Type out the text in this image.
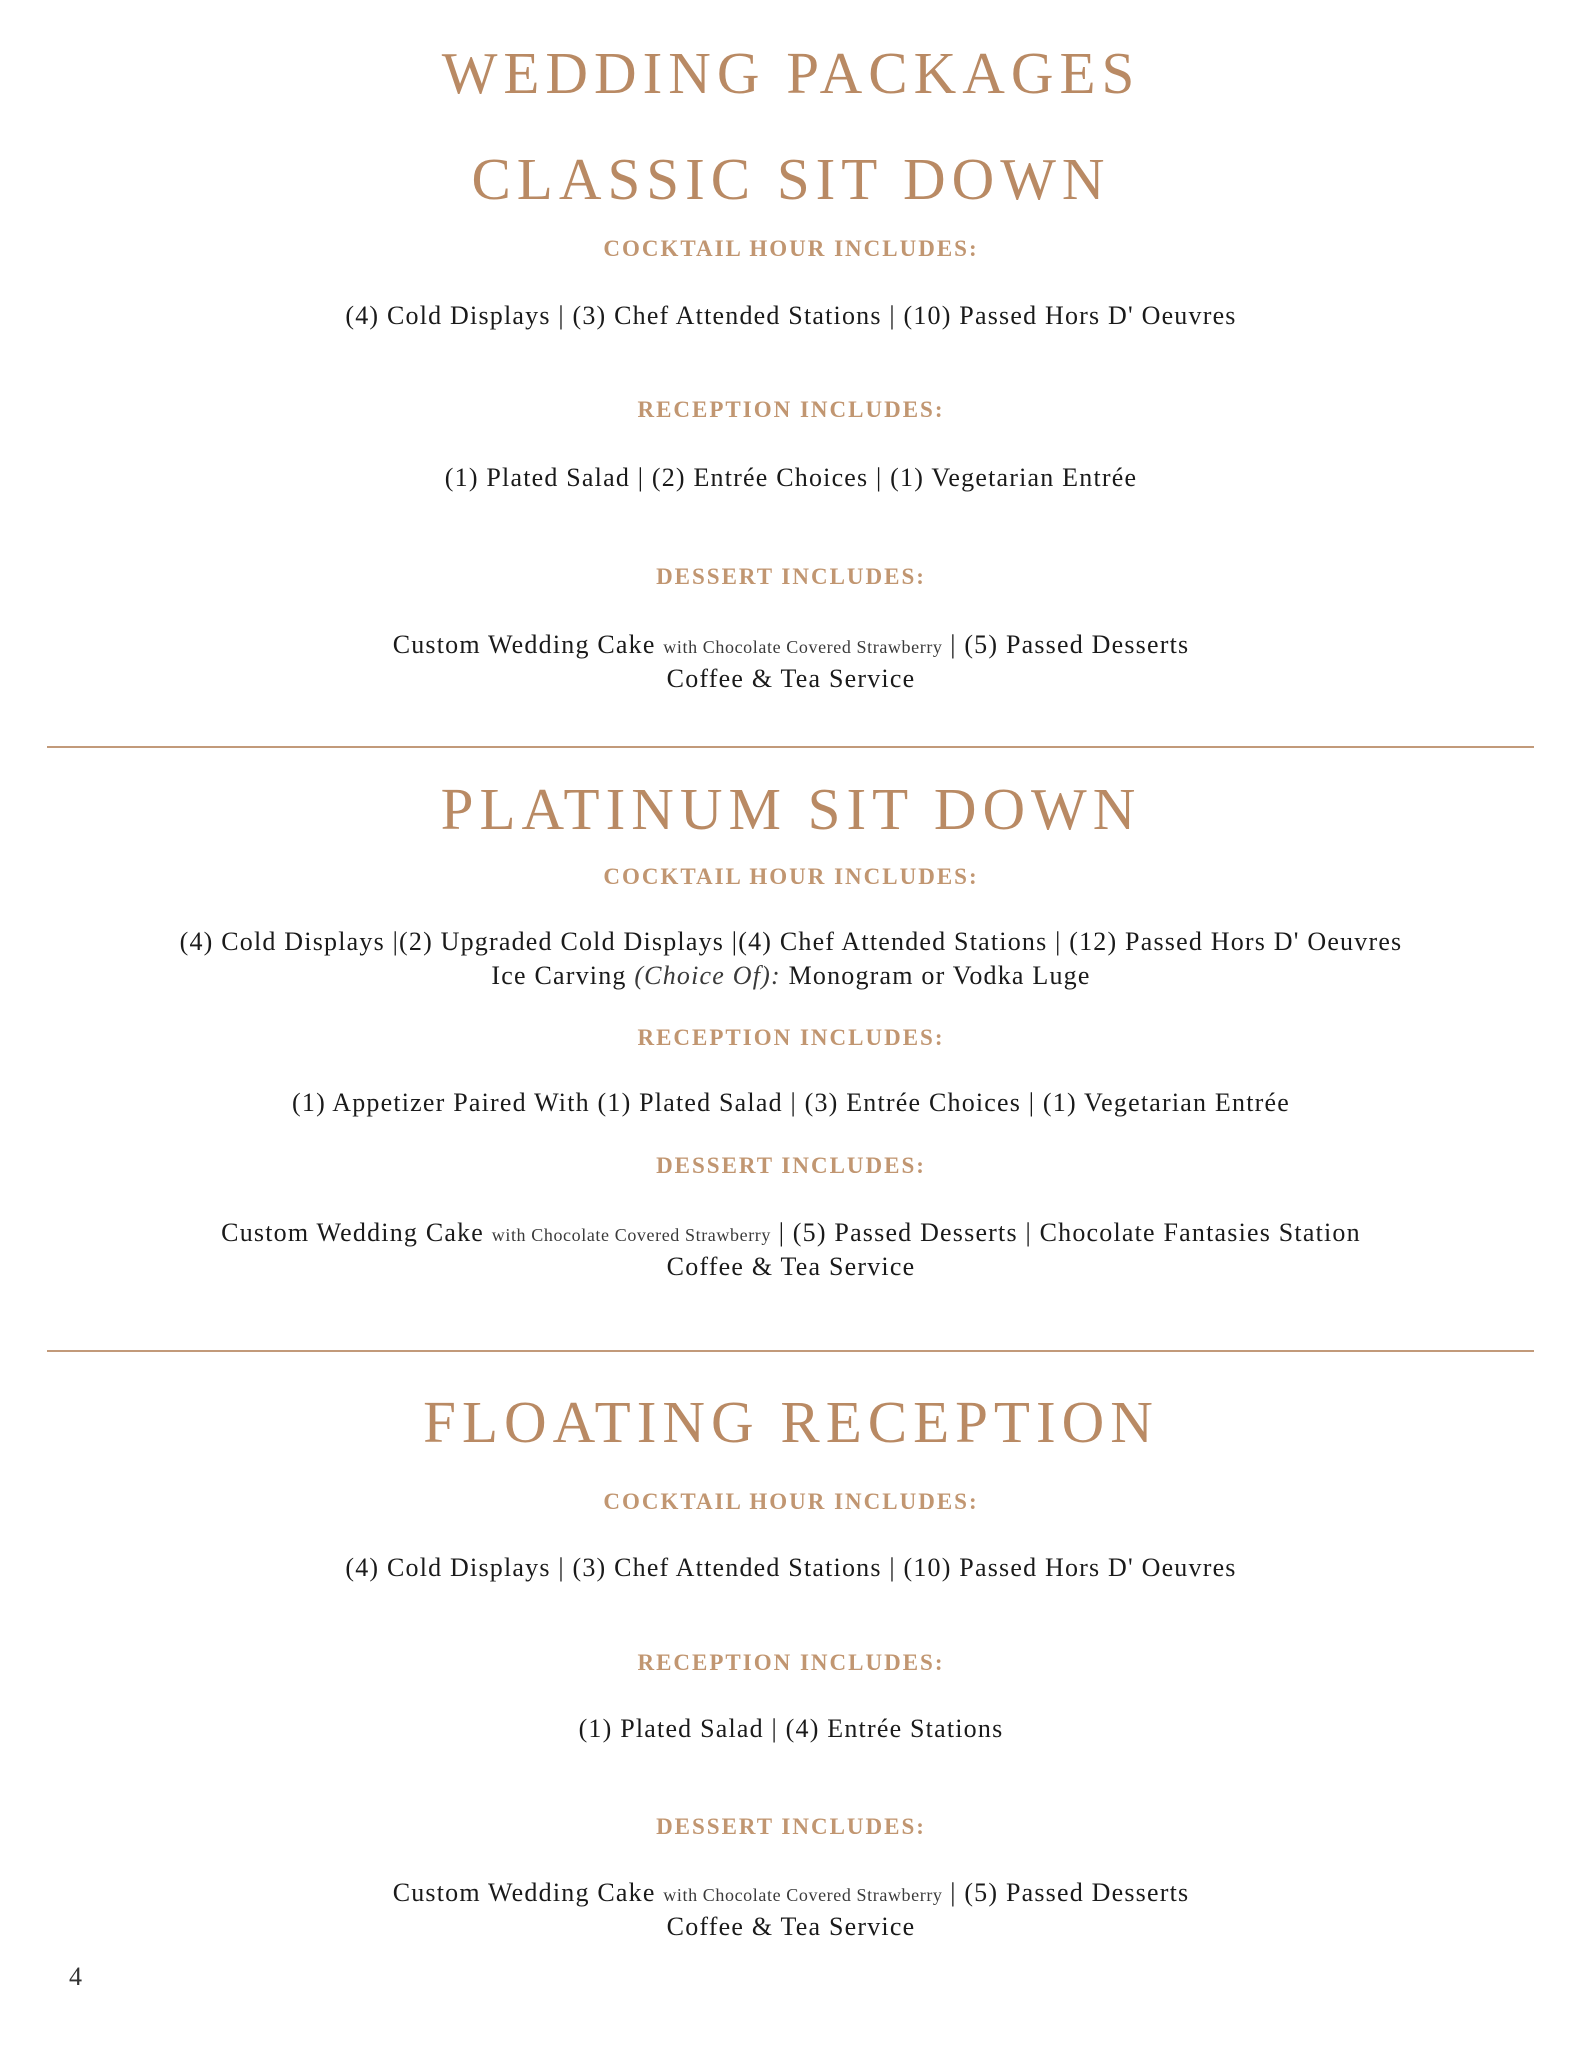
WEDDING PACKAGES
CLASSIC SIT DOWN
COCKTAIL HOUR INCLUDES:
(4) Cold Displays | (3) Chef Attended Stations | (10) Passed Hors D' Oeuvres
RECEPTION INCLUDES:
(1) Plated Salad | (2) Entrée Choices | (1) Vegetarian Entrée
DESSERT INCLUDES:
Custom Wedding Cake with Chocolate Covered Strawberry | (5) Passed Desserts
Coffee & Tea Service
PLATINUM SIT DOWN
COCKTAIL HOUR INCLUDES:
(4) Cold Displays |(2) Upgraded Cold Displays |(4) Chef Attended Stations | (12) Passed Hors D' Oeuvres
Ice Carving (Choice Of): Monogram or Vodka Luge
RECEPTION INCLUDES:
(1) Appetizer Paired With (1) Plated Salad | (3) Entrée Choices | (1) Vegetarian Entrée
DESSERT INCLUDES:
Custom Wedding Cake with Chocolate Covered Strawberry | (5) Passed Desserts | Chocolate Fantasies Station
Coffee & Tea Service
FLOATING RECEPTION
COCKTAIL HOUR INCLUDES:
(4) Cold Displays | (3) Chef Attended Stations | (10) Passed Hors D' Oeuvres
RECEPTION INCLUDES:
(1) Plated Salad | (4) Entrée Stations
DESSERT INCLUDES:
Custom Wedding Cake with Chocolate Covered Strawberry | (5) Passed Desserts
Coffee & Tea Service
4
